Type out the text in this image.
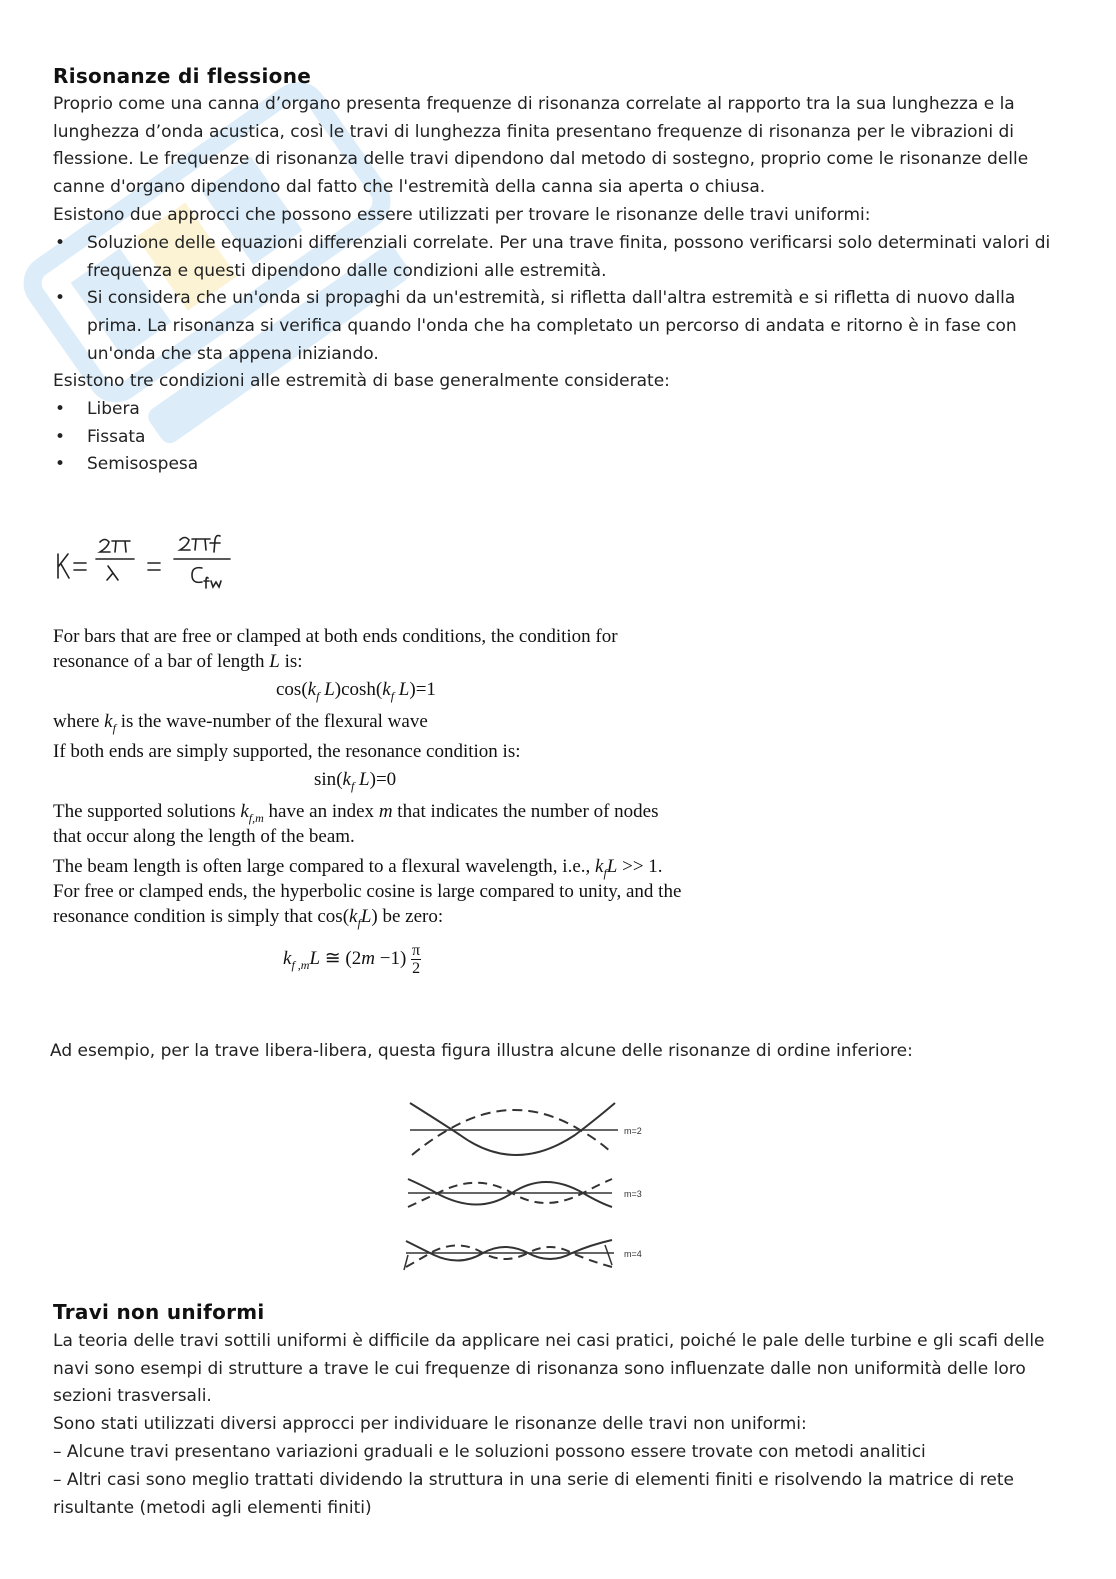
Risonanze di flessione

Proprio come una canna d’organo presenta frequenze di risonanza correlate al rapporto tra la sua lunghezza e la lunghezza d’onda acustica, così le travi di lunghezza finita presentano frequenze di risonanza per le vibrazioni di flessione. Le frequenze di risonanza delle travi dipendono dal metodo di sostegno, proprio come le risonanze delle canne d'organo dipendono dal fatto che l'estremità della canna sia aperta o chiusa.

Esistono due approcci che possono essere utilizzati per trovare le risonanze delle travi uniformi:

• Soluzione delle equazioni differenziali correlate. Per una trave finita, possono verificarsi solo determinati valori di frequenza e questi dipendono dalle condizioni alle estremità.
• Si considera che un'onda si propaghi da un'estremità, si rifletta dall'altra estremità e si rifletta di nuovo dalla prima. La risonanza si verifica quando l'onda che ha completato un percorso di andata e ritorno è in fase con un'onda che sta appena iniziando.

Esistono tre condizioni alle estremità di base generalmente considerate:

• Libera
• Fissata
• Semisospesa
For bars that are free or clamped at both ends conditions, the condition for
resonance of a bar of length L is:
$\cos(k_f$ $L)\cosh(k_f$ L)=1
where $k_f$ is the wave-number of the flexural wave
If both ends are simply supported, the resonance condition is:
$\sin(k_f$ L)=0
The supported solutions $k_{f,m}$ have an index m that indicates the number of nodes
that occur along the length of the beam.
The beam length is often large compared to a flexural wavelength, i.e., $k_fL >> 1$.
For free or clamped ends, the hyperbolic cosine is large compared to unity, and the
resonance condition is simply that $\cos(k_fL)$ be zero:
$k_{f ,m}L$ ≅ $(2m -1) \frac{\pi}{2}$

Ad esempio, per la trave libera-libera, questa figura illustra alcune delle risonanze di ordine inferiore:

m=2
m=3
m=4
Travi non uniformi

La teoria delle travi sottili uniformi è difficile da applicare nei casi pratici, poiché le pale delle turbine e gli scafi delle navi sono esempi di strutture a trave le cui frequenze di risonanza sono influenzate dalle non uniformità delle loro sezioni trasversali.

Sono stati utilizzati diversi approcci per individuare le risonanze delle travi non uniformi:

– Alcune travi presentano variazioni graduali e le soluzioni possono essere trovate con metodi analitici

– Altri casi sono meglio trattati dividendo la struttura in una serie di elementi finiti e risolvendo la matrice di rete risultante (metodi agli elementi finiti)
